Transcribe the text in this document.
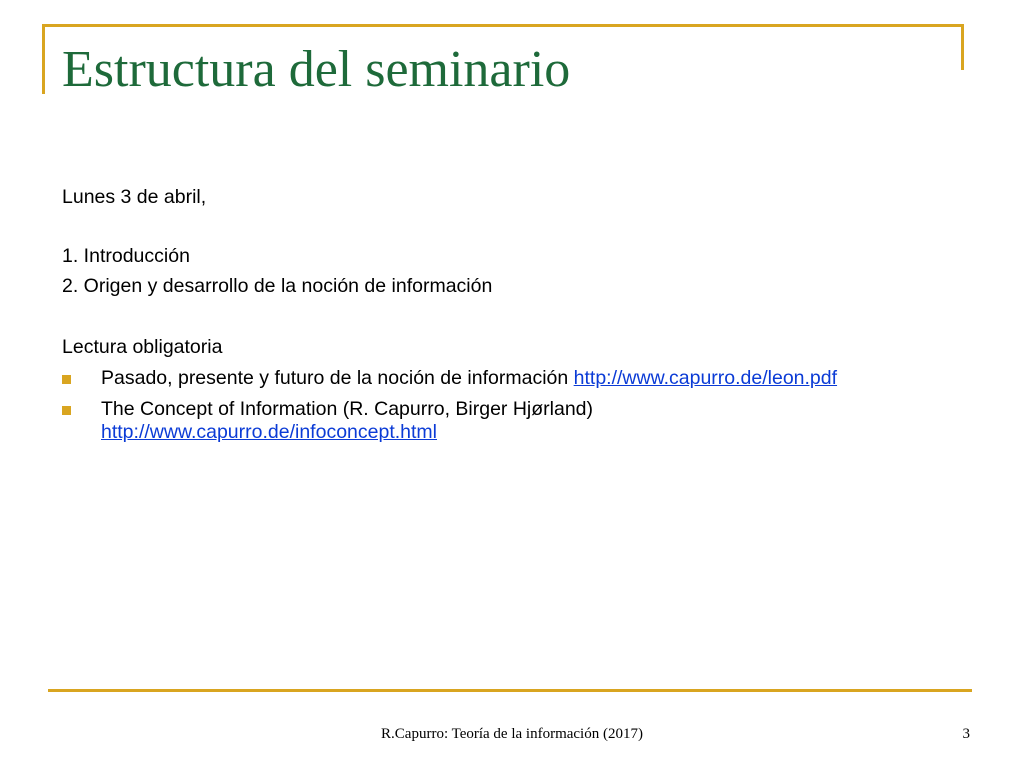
Estructura del seminario
Lunes 3 de abril,
1. Introducción
2. Origen y desarrollo de la noción de información
Lectura obligatoria
Pasado, presente y futuro de la noción de información http://www.capurro.de/leon.pdf
The Concept of Information (R. Capurro, Birger Hjørland)
http://www.capurro.de/infoconcept.html
R.Capurro: Teoría de la información (2017)	3
